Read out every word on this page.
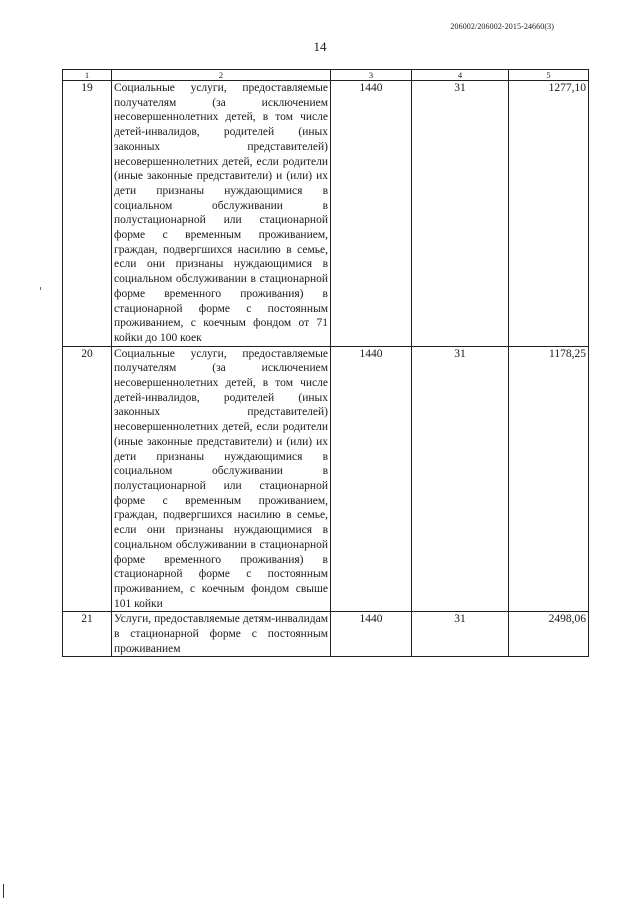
206002/206002-2015-24660(3)
14
1	2	3	4	5
19	Социальные услуги, предоставляемые получателям (за исключением несовершеннолетних детей, в том числе детей-инвалидов, родителей (иных законных представителей) несовершеннолетних детей, если родители (иные законные представители) и (или) их дети признаны нуждающимися в социальном обслуживании в полустационарной или стационарной форме с временным проживанием, граждан, подвергшихся насилию в семье, если они признаны нуждающимися в социальном обслуживании в стационарной форме временного проживания) в стационарной форме с постоянным проживанием, с коечным фондом от 71 койки до 100 коек	1440	31	1277,10
20	Социальные услуги, предоставляемые получателям (за исключением несовершеннолетних детей, в том числе детей-инвалидов, родителей (иных законных представителей) несовершеннолетних детей, если родители (иные законные представители) и (или) их дети признаны нуждающимися в социальном обслуживании в полустационарной или стационарной форме с временным проживанием, граждан, подвергшихся насилию в семье, если они признаны нуждающимися в социальном обслуживании в стационарной форме временного проживания) в стационарной форме с постоянным проживанием, с коечным фондом свыше 101 койки	1440	31	1178,25
21	Услуги, предоставляемые детям-инвалидам в стационарной форме с постоянным проживанием	1440	31	2498,06
